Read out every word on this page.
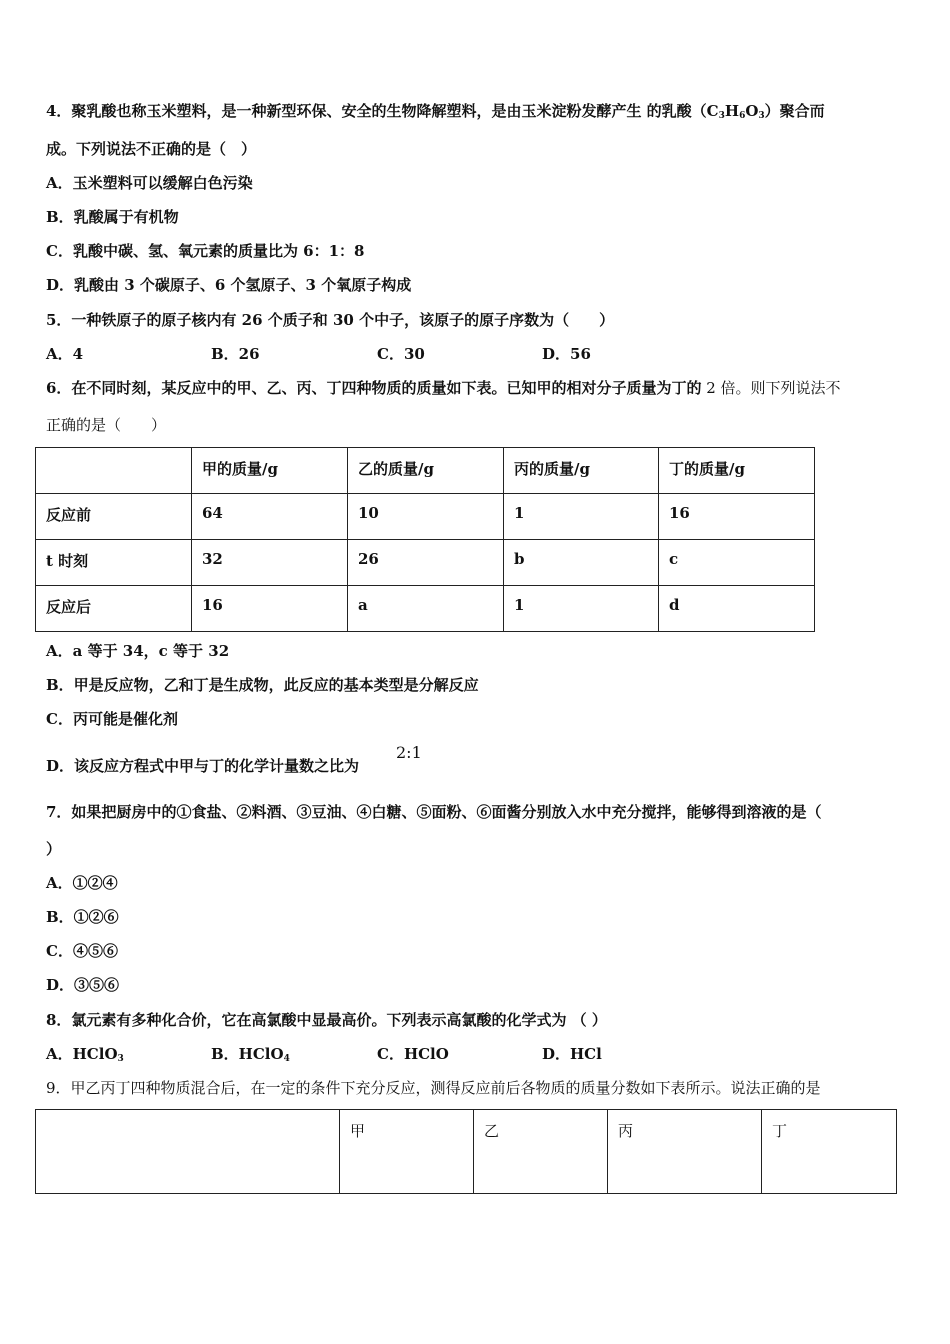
4．聚乳酸也称玉米塑料，是一种新型环保、安全的生物降解塑料，是由玉米淀粉发酵产生 的乳酸$(C_3H_6O_3)$聚合而
成。下列说法不正确的是（　）
A．玉米塑料可以缓解白色污染
B．乳酸属于有机物
C．乳酸中碳、氢、氧元素的质量比为 6：1：8
D．乳酸由 3 个碳原子、6 个氢原子、3 个氧原子构成
5．一种铁原子的原子核内有 26 个质子和 30 个中子，该原子的原子序数为（　　）
A．4	B．26	C．30	D．56
6．在不同时刻，某反应中的甲、乙、丙、丁四种物质的质量如下表。已知甲的相对分子质量为丁的 2 倍。则下列说法不
正确的是（　　）
	甲的质量/g	乙的质量/g	丙的质量/g	丁的质量/g
反应前	64	10	1	16
t 时刻	32	26	b	c
反应后	16	a	1	d
A．a 等于 34，c 等于 32
B．甲是反应物，乙和丁是生成物，此反应的基本类型是分解反应
C．丙可能是催化剂
D．该反应方程式中甲与丁的化学计量数之比为
2:1
7．如果把厨房中的①食盐、②料酒、③豆油、④白糖、⑤面粉、⑥面酱分别放入水中充分搅拌，能够得到溶液的是（
）
A．①②④
B．①②⑥
C．④⑤⑥
D．③⑤⑥
8．氯元素有多种化合价，它在高氯酸中显最高价。下列表示高氯酸的化学式为 （ ）
A．HClO$_3$	B．HClO$_4$	C．HClO	D．HCl
9．甲乙丙丁四种物质混合后，在一定的条件下充分反应，测得反应前后各物质的质量分数如下表所示。说法正确的是
	甲	乙	丙	丁
